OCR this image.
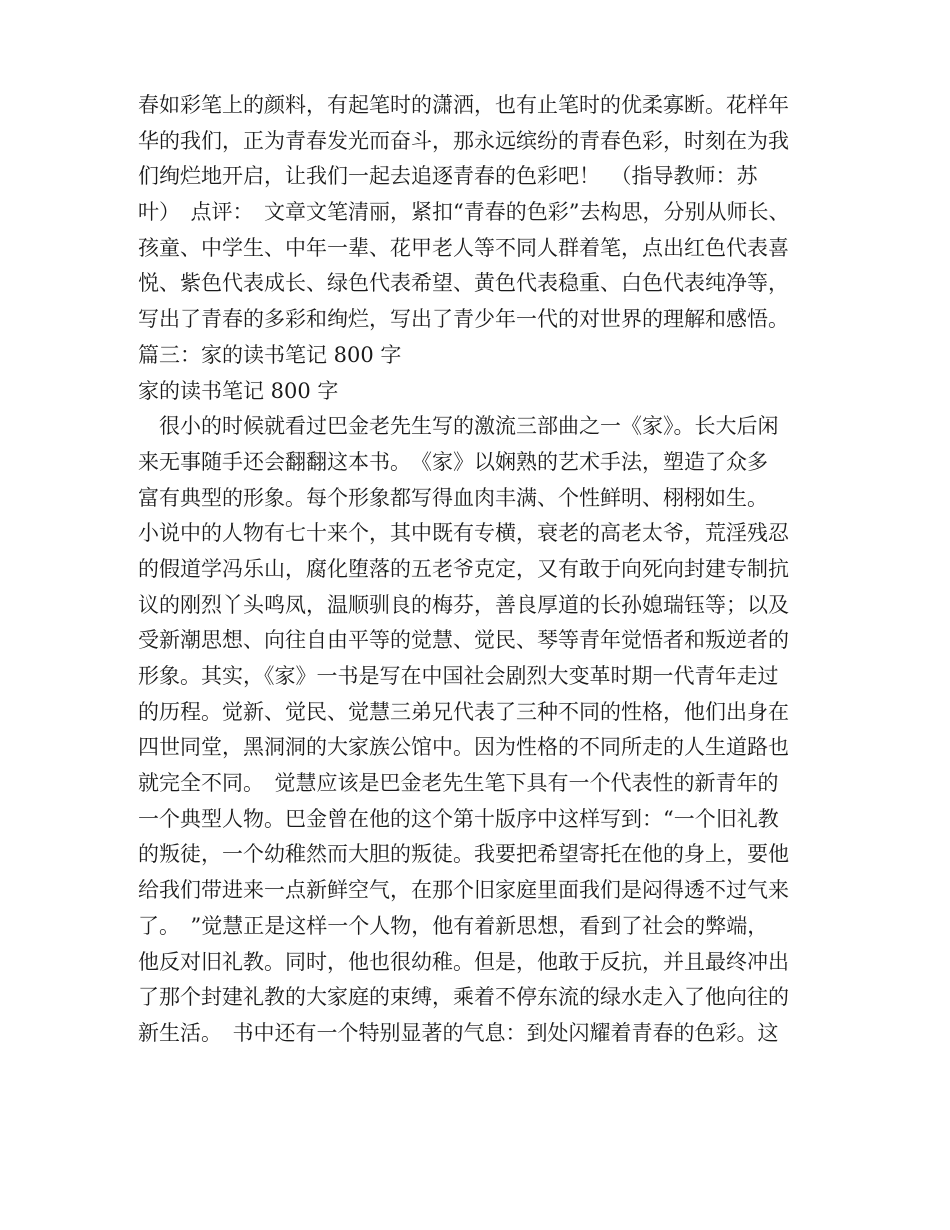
春如彩笔上的颜料，有起笔时的潇洒，也有止笔时的优柔寡断。花样年
华的我们，正为青春发光而奋斗，那永远缤纷的青春色彩，时刻在为我
们绚烂地开启，让我们一起去追逐青春的色彩吧！　（指导教师：苏
叶）　点评：　文章文笔清丽，紧扣“青春的色彩”去构思，分别从师长、
孩童、中学生、中年一辈、花甲老人等不同人群着笔，点出红色代表喜
悦、紫色代表成长、绿色代表希望、黄色代表稳重、白色代表纯净等，
写出了青春的多彩和绚烂，写出了青少年一代的对世界的理解和感悟。
篇三：家的读书笔记 800 字
家的读书笔记 800 字
　很小的时候就看过巴金老先生写的激流三部曲之一《家》。长大后闲
来无事随手还会翻翻这本书。　《家》以娴熟的艺术手法，塑造了众多
富有典型的形象。每个形象都写得血肉丰满、个性鲜明、栩栩如生。
小说中的人物有七十来个，其中既有专横，衰老的高老太爷，荒淫残忍
的假道学冯乐山，腐化堕落的五老爷克定，又有敢于向死向封建专制抗
议的刚烈丫头鸣凤，温顺驯良的梅芬，善良厚道的长孙媳瑞钰等；以及
受新潮思想、向往自由平等的觉慧、觉民、琴等青年觉悟者和叛逆者的
形象。其实，《家》一书是写在中国社会剧烈大变革时期一代青年走过
的历程。觉新、觉民、觉慧三弟兄代表了三种不同的性格，他们出身在
四世同堂，黑洞洞的大家族公馆中。因为性格的不同所走的人生道路也
就完全不同。　觉慧应该是巴金老先生笔下具有一个代表性的新青年的
一个典型人物。巴金曾在他的这个第十版序中这样写到：“一个旧礼教
的叛徒，一个幼稚然而大胆的叛徒。我要把希望寄托在他的身上，要他
给我们带进来一点新鲜空气，在那个旧家庭里面我们是闷得透不过气来
了。　”觉慧正是这样一个人物，他有着新思想，看到了社会的弊端，
他反对旧礼教。同时，他也很幼稚。但是，他敢于反抗，并且最终冲出
了那个封建礼教的大家庭的束缚，乘着不停东流的绿水走入了他向往的
新生活。　书中还有一个特别显著的气息：到处闪耀着青春的色彩。这
